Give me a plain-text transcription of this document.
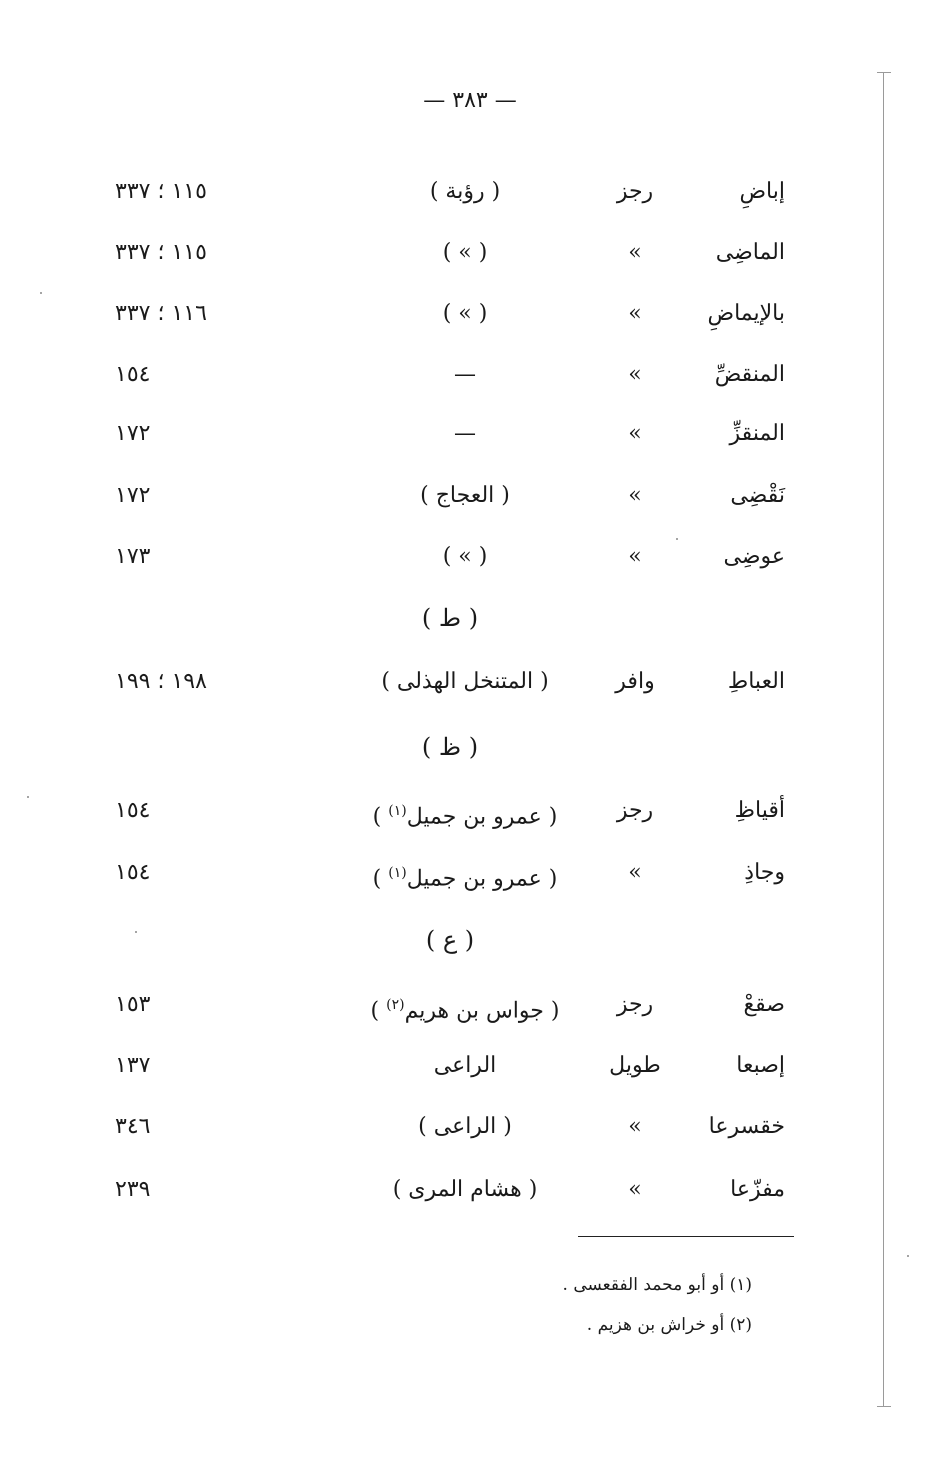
— ٣٨٣ —
إباضِ
رجز
( رؤبة )
١١٥ ؛ ٣٣٧
الماضِى
»
( » )
١١٥ ؛ ٣٣٧
بالإيماضِ
»
( » )
١١٦ ؛ ٣٣٧
المنقضِّ
»
—
١٥٤
المنقزِّ
»
—
١٧٢
نَقْضِى
»
( العجاج )
١٧٢
عوضِى
»
( » )
١٧٣
( ط )
العباطِ
وافر
( المتنخل الهذلى )
١٩٨ ؛ ١٩٩
( ظ )
أقياظِ
رجز
( عمرو بن جميل$^{(١)}$ )
١٥٤
وجاذِ
»
( عمرو بن جميل$^{(١)}$ )
١٥٤
( ع )
صقعْ
رجز
( جواس بن هريم$^{(٢)}$ )
١٥٣
إصبعا
طويل
الراعى
١٣٧
خقسرعا
»
( الراعى )
٣٤٦
مفزّعا
»
( هشام المرى )
٢٣٩
(١) أو أبو محمد الفقعسى .
(٢) أو خراش بن هزيم .
